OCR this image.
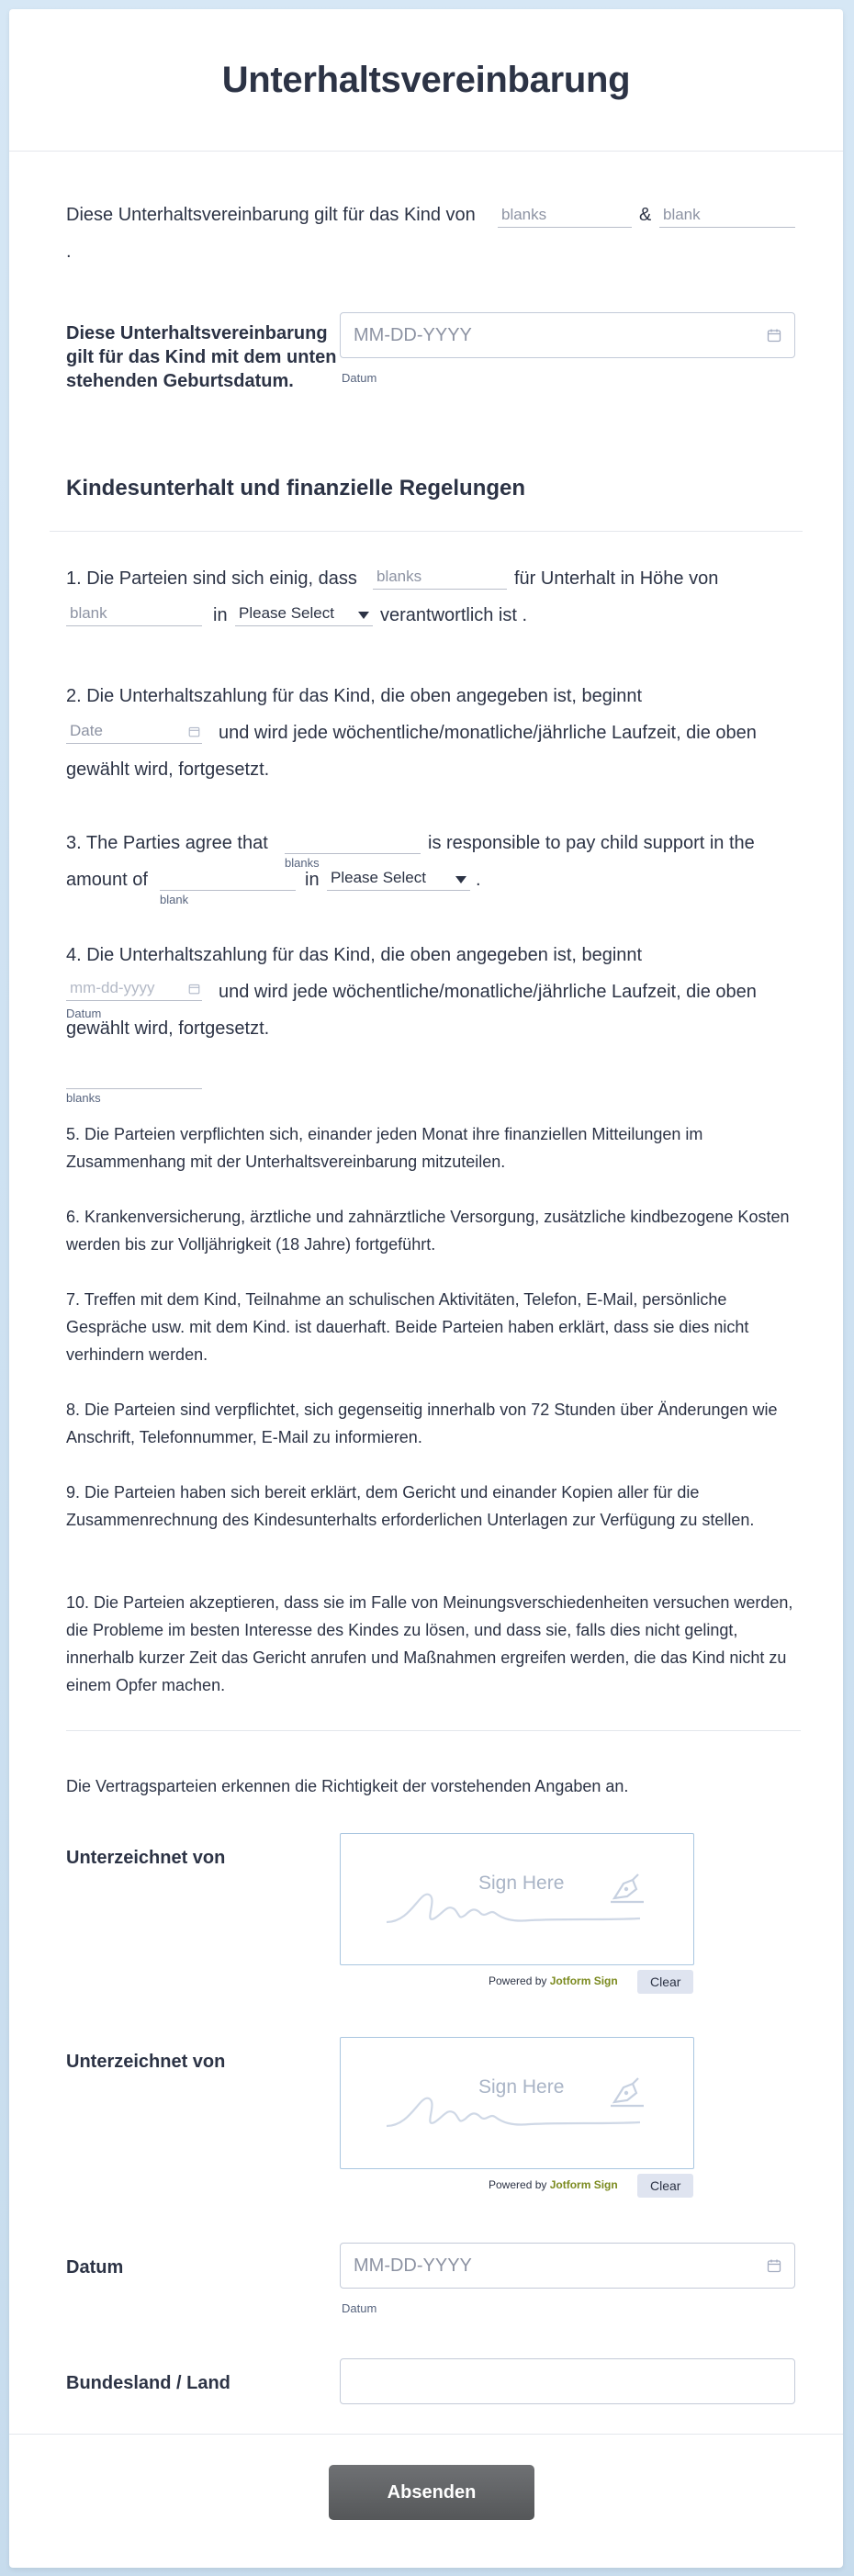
Unterhaltsvereinbarung
Diese Unterhaltsvereinbarung gilt für das Kind von blanks	& blank
.
Diese Unterhaltsvereinbarung gilt für das Kind mit dem unten stehenden Geburtsdatum.
MM-DD-YYYY
Datum
Kindesunterhalt und finanzielle Regelungen
1. Die Parteien sind sich einig, dass blanks	für Unterhalt in Höhe von
blank	in Please Select	verantwortlich ist .
2. Die Unterhaltszahlung für das Kind, die oben angegeben ist, beginnt
Date	und wird jede wöchentliche/monatliche/jährliche Laufzeit, die oben
gewählt wird, fortgesetzt.
3. The Parties agree that
blanks
is responsible to pay child support in the
amount of
blank
in Please Select	.
4. Die Unterhaltszahlung für das Kind, die oben angegeben ist, beginnt
mm-dd-yyyy
Datum
und wird jede wöchentliche/monatliche/jährliche Laufzeit, die oben
gewählt wird, fortgesetzt.
blanks
5. Die Parteien verpflichten sich, einander jeden Monat ihre finanziellen Mitteilungen im Zusammenhang mit der Unterhaltsvereinbarung mitzuteilen.
6. Krankenversicherung, ärztliche und zahnärztliche Versorgung, zusätzliche kindbezogene Kosten werden bis zur Volljährigkeit (18 Jahre) fortgeführt.
7. Treffen mit dem Kind, Teilnahme an schulischen Aktivitäten, Telefon, E-Mail, persönliche Gespräche usw. mit dem Kind. ist dauerhaft. Beide Parteien haben erklärt, dass sie dies nicht verhindern werden.
8. Die Parteien sind verpflichtet, sich gegenseitig innerhalb von 72 Stunden über Änderungen wie Anschrift, Telefonnummer, E-Mail zu informieren.
9. Die Parteien haben sich bereit erklärt, dem Gericht und einander Kopien aller für die Zusammenrechnung des Kindesunterhalts erforderlichen Unterlagen zur Verfügung zu stellen.
10. Die Parteien akzeptieren, dass sie im Falle von Meinungsverschiedenheiten versuchen werden, die Probleme im besten Interesse des Kindes zu lösen, und dass sie, falls dies nicht gelingt, innerhalb kurzer Zeit das Gericht anrufen und Maßnahmen ergreifen werden, die das Kind nicht zu einem Opfer machen.
Die Vertragsparteien erkennen die Richtigkeit der vorstehenden Angaben an.
Unterzeichnet von
Sign Here
Powered by Jotform Sign	Clear
Unterzeichnet von
Sign Here
Powered by Jotform Sign	Clear
Datum	MM-DD-YYYY
Datum
Bundesland / Land
Absenden
